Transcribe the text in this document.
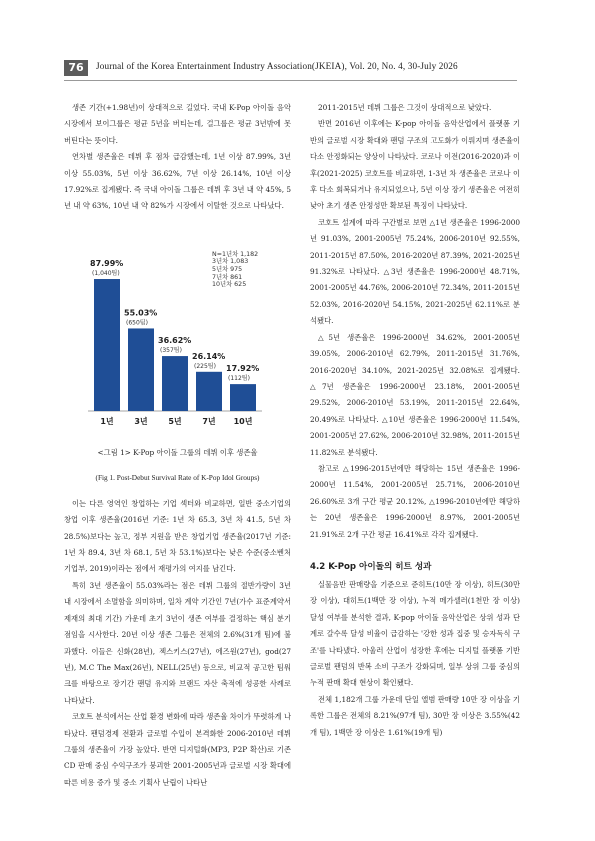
76	Journal of the Korea Entertainment Industry Association(JKEIA), Vol. 20, No. 4, 30-July 2026

생존 기간(+1.98년)이 상대적으로 길었다. 국내 K-Pop 아이돌 음악 시장에서 보이그룹은 평균 5년을 버티는데, 걸그룹은 평균 3년밖에 못 버틴다는 뜻이다.

연차별 생존율은 데뷔 후 점차 급감했는데, 1년 이상 87.99%, 3년 이상 55.03%, 5년 이상 36.62%, 7년 이상 26.14%, 10년 이상 17.92%로 집계됐다. 즉 국내 아이돌 그룹은 데뷔 후 3년 내 약 45%, 5년 내 약 63%, 10년 내 약 82%가 시장에서 이탈한 것으로 나타났다.

87.99%
(1,040팀)
1년
55.03%
(650팀)
3년
36.62%
(357팀)
5년
26.14%
(225팀)
7년
17.92%
(112팀)
10년
N=1년차 1,182
3년차 1,083
5년차 975
7년차 861
10년차 625
<그림 1> K-Pop 아이돌 그룹의 데뷔 이후 생존율
(Fig 1. Post-Debut Survival Rate of K-Pop Idol Groups)

이는 다른 영역인 창업하는 기업 섹터와 비교하면, 일반 중소기업의 창업 이후 생존율(2016년 기준: 1년 차 65.3, 3년 차 41.5, 5년 차 28.5%)보다는 높고, 정부 지원을 받은 창업기업 생존율(2017년 기준: 1년 차 89.4, 3년 차 68.1, 5년 차 53.1%)보다는 낮은 수준(중소벤처기업부, 2019)이라는 점에서 재평가의 여지를 남긴다.

특히 3년 생존율이 55.03%라는 점은 데뷔 그룹의 절반가량이 3년 내 시장에서 소멸함을 의미하며, 일차 계약 기간인 7년(가수 표준계약서 제재의 최대 기간) 가운데 초기 3년이 생존 여부를 결정하는 핵심 분기점임을 시사한다. 20년 이상 생존 그룹은 전체의 2.6%(31개 팀)에 불과했다. 이들은 신화(28년), 젝스키스(27년), 에즈원(27년), god(27년), M.C The Max(26년), NELL(25년) 등으로, 비교적 공고한 팀워크를 바탕으로 장기간 팬덤 유지와 브랜드 자산 축적에 성공한 사례로 나타났다.

코호트 분석에서는 산업 환경 변화에 따라 생존율 차이가 뚜렷하게 나타났다. 팬덤경제 전환과 글로벌 수입이 본격화한 2006-2010년 데뷔 그룹의 생존율이 가장 높았다. 반면 디지털화(MP3, P2P 확산)로 기존 CD 판매 중심 수익구조가 붕괴한 2001-2005년과 글로벌 시장 확대에 따른 비용 증가 및 중소 기획사 난립이 나타난

2011-2015년 데뷔 그룹은 그것이 상대적으로 낮았다.

반면 2016년 이후에는 K-pop 아이돌 음악산업에서 플랫폼 기반의 글로벌 시장 확대와 팬덤 구조의 고도화가 이뤄지며 생존율이 다소 안정화되는 양상이 나타났다. 코로나 이전(2016-2020)과 이후(2021-2025) 코호트를 비교하면, 1-3년 차 생존율은 코로나 이후 다소 회복되거나 유지되었으나, 5년 이상 장기 생존율은 여전히 낮아 초기 생존 안정성만 확보된 특징이 나타났다.

코호트 설계에 따라 구간별로 보면 △1년 생존율은 1996-2000년 91.03%, 2001-2005년 75.24%, 2006-2010년 92.55%, 2011-2015년 87.50%, 2016-2020년 87.39%, 2021-2025년 91.32%로 나타났다. △3년 생존율은 1996-2000년 48.71%, 2001-2005년 44.76%, 2006-2010년 72.34%, 2011-2015년 52.03%, 2016-2020년 54.15%, 2021-2025년 62.11%로 분석됐다.

△5년 생존율은 1996-2000년 34.62%, 2001-2005년 39.05%, 2006-2010년 62.79%, 2011-2015년 31.76%, 2016-2020년 34.10%, 2021-2025년 32.08%로 집계됐다. △7년 생존율은 1996-2000년 23.18%, 2001-2005년 29.52%, 2006-2010년 53.19%, 2011-2015년 22.64%, 20.49%로 나타났다. △10년 생존율은 1996-2000년 11.54%, 2001-2005년 27.62%, 2006-2010년 32.98%, 2011-2015년 11.82%로 분석됐다.

참고로 △1996-2015년에만 해당하는 15년 생존율은 1996-2000년 11.54%, 2001-2005년 25.71%, 2006-2010년 26.60%로 3개 구간 평균 20.12%, △1996-2010년에만 해당하는 20년 생존율은 1996-2000년 8.97%, 2001-2005년 21.91%로 2개 구간 평균 16.41%로 각각 집계됐다.

4.2 K-Pop 아이돌의 히트 성과

실물음반 판매량을 기준으로 준히트(10만 장 이상), 히트(30만 장 이상), 대히트(1백만 장 이상), 누적 메가셀러(1천만 장 이상) 달성 여부를 분석한 결과, K-pop 아이돌 음악산업은 상위 성과 단계로 갈수록 달성 비율이 급감하는 '강한 성과 집중 및 승자독식 구조'를 나타냈다. 아울러 산업이 성장한 후에는 디지털 플랫폼 기반 글로벌 팬덤의 반복 소비 구조가 강화되며, 일부 상위 그룹 중심의 누적 판매 확대 현상이 확인됐다.

전체 1,182개 그룹 가운데 단일 앨범 판매량 10만 장 이상을 기록한 그룹은 전체의 8.21%(97개 팀), 30만 장 이상은 3.55%(42개 팀), 1백만 장 이상은 1.61%(19개 팀)
